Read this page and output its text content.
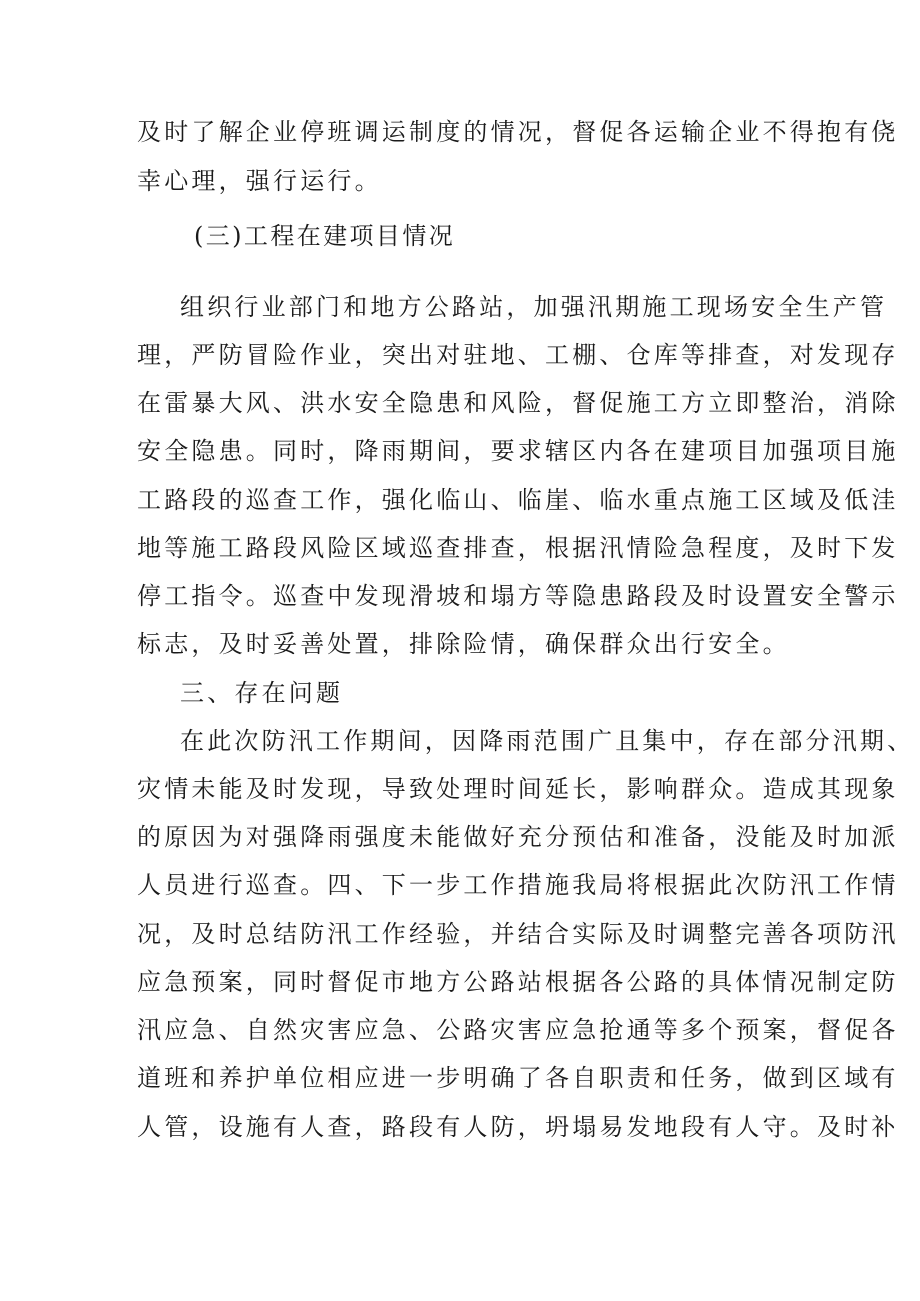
及时了解企业停班调运制度的情况，督促各运输企业不得抱有侥
幸心理，强行运行。
(三)工程在建项目情况
组织行业部门和地方公路站，加强汛期施工现场安全生产管
理，严防冒险作业，突出对驻地、工棚、仓库等排查，对发现存
在雷暴大风、洪水安全隐患和风险，督促施工方立即整治，消除
安全隐患。同时，降雨期间，要求辖区内各在建项目加强项目施
工路段的巡查工作，强化临山、临崖、临水重点施工区域及低洼
地等施工路段风险区域巡查排查，根据汛情险急程度，及时下发
停工指令。巡查中发现滑坡和塌方等隐患路段及时设置安全警示
标志，及时妥善处置，排除险情，确保群众出行安全。
三、存在问题
在此次防汛工作期间，因降雨范围广且集中，存在部分汛期、
灾情未能及时发现，导致处理时间延长，影响群众。造成其现象
的原因为对强降雨强度未能做好充分预估和准备，没能及时加派
人员进行巡查。四、下一步工作措施我局将根据此次防汛工作情
况，及时总结防汛工作经验，并结合实际及时调整完善各项防汛
应急预案，同时督促市地方公路站根据各公路的具体情况制定防
汛应急、自然灾害应急、公路灾害应急抢通等多个预案，督促各
道班和养护单位相应进一步明确了各自职责和任务，做到区域有
人管，设施有人查，路段有人防，坍塌易发地段有人守。及时补
